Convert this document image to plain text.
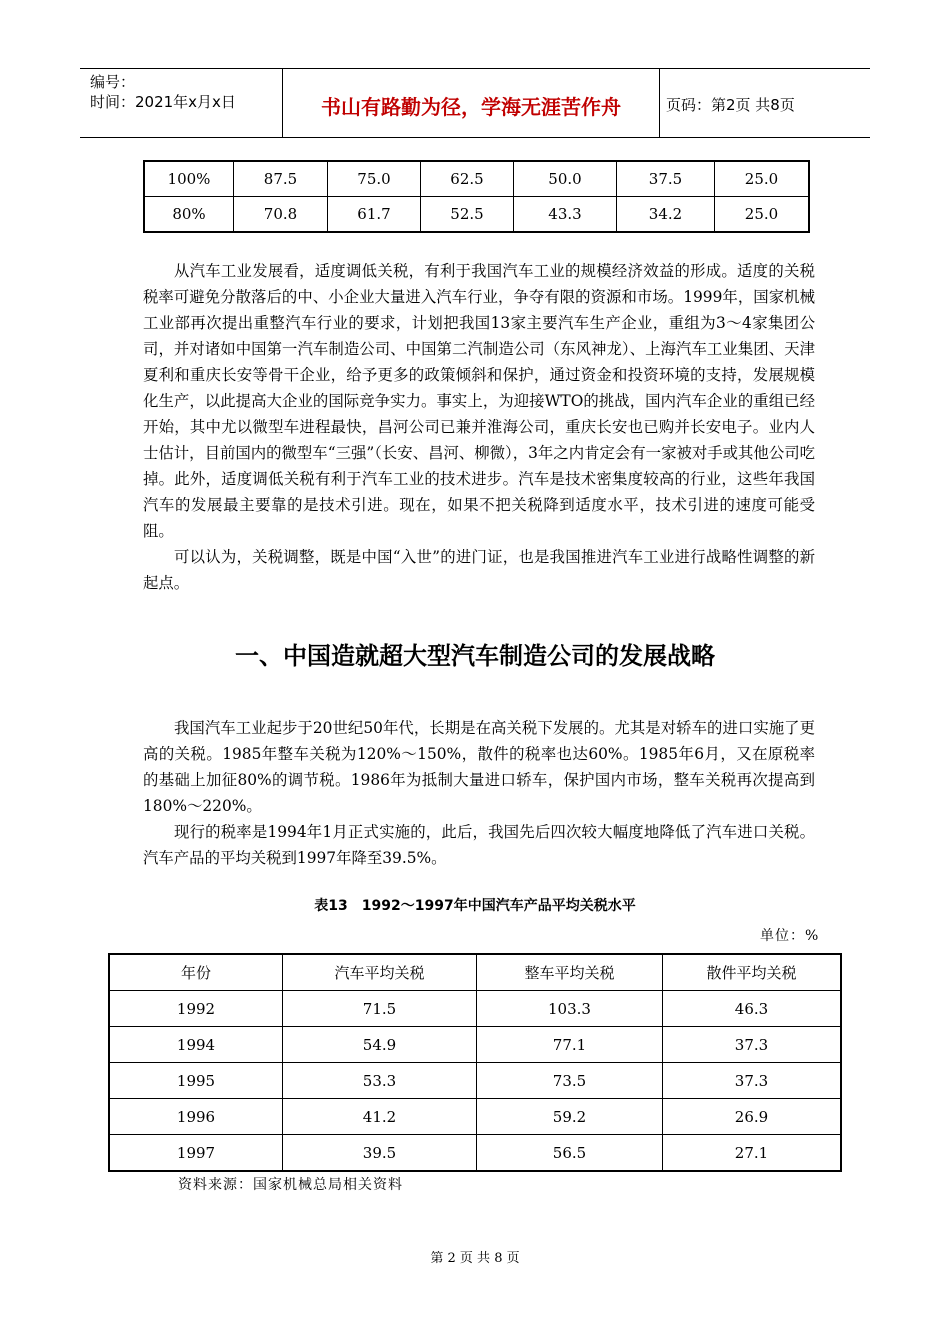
编号：
时间：2021年x月x日	书山有路勤为径，学海无涯苦作舟	页码：第2页 共8页
100%	87.5	75.0	62.5	50.0	37.5	25.0
80%	70.8	61.7	52.5	43.3	34.2	25.0

从汽车工业发展看，适度调低关税，有利于我国汽车工业的规模经济效益的形成。适度的关税税率可避免分散落后的中、小企业大量进入汽车行业，争夺有限的资源和市场。1999年，国家机械工业部再次提出重整汽车行业的要求，计划把我国13家主要汽车生产企业，重组为3～4家集团公司，并对诸如中国第一汽车制造公司、中国第二汽制造公司（东风神龙）、上海汽车工业集团、天津夏利和重庆长安等骨干企业，给予更多的政策倾斜和保护，通过资金和投资环境的支持，发展规模化生产，以此提高大企业的国际竞争实力。事实上，为迎接WTO的挑战，国内汽车企业的重组已经开始，其中尤以微型车进程最快，昌河公司已兼并淮海公司，重庆长安也已购并长安电子。业内人士估计，目前国内的微型车“三强”（长安、昌河、柳微），3年之内肯定会有一家被对手或其他公司吃掉。此外，适度调低关税有利于汽车工业的技术进步。汽车是技术密集度较高的行业，这些年我国汽车的发展最主要靠的是技术引进。现在，如果不把关税降到适度水平，技术引进的速度可能受阻。

可以认为，关税调整，既是中国“入世”的进门证，也是我国推进汽车工业进行战略性调整的新起点。

一、中国造就超大型汽车制造公司的发展战略

我国汽车工业起步于20世纪50年代，长期是在高关税下发展的。尤其是对轿车的进口实施了更高的关税。1985年整车关税为120%～150%，散件的税率也达60%。1985年6月，又在原税率的基础上加征80%的调节税。1986年为抵制大量进口轿车，保护国内市场，整车关税再次提高到180%～220%。

现行的税率是1994年1月正式实施的，此后，我国先后四次较大幅度地降低了汽车进口关税。汽车产品的平均关税到1997年降至39.5%。

表13　1992～1997年中国汽车产品平均关税水平
单位：%
年份	汽车平均关税	整车平均关税	散件平均关税
1992	71.5	103.3	46.3
1994	54.9	77.1	37.3
1995	53.3	73.5	37.3
1996	41.2	59.2	26.9
1997	39.5	56.5	27.1
资料来源：国家机械总局相关资料
第 2 页 共 8 页
